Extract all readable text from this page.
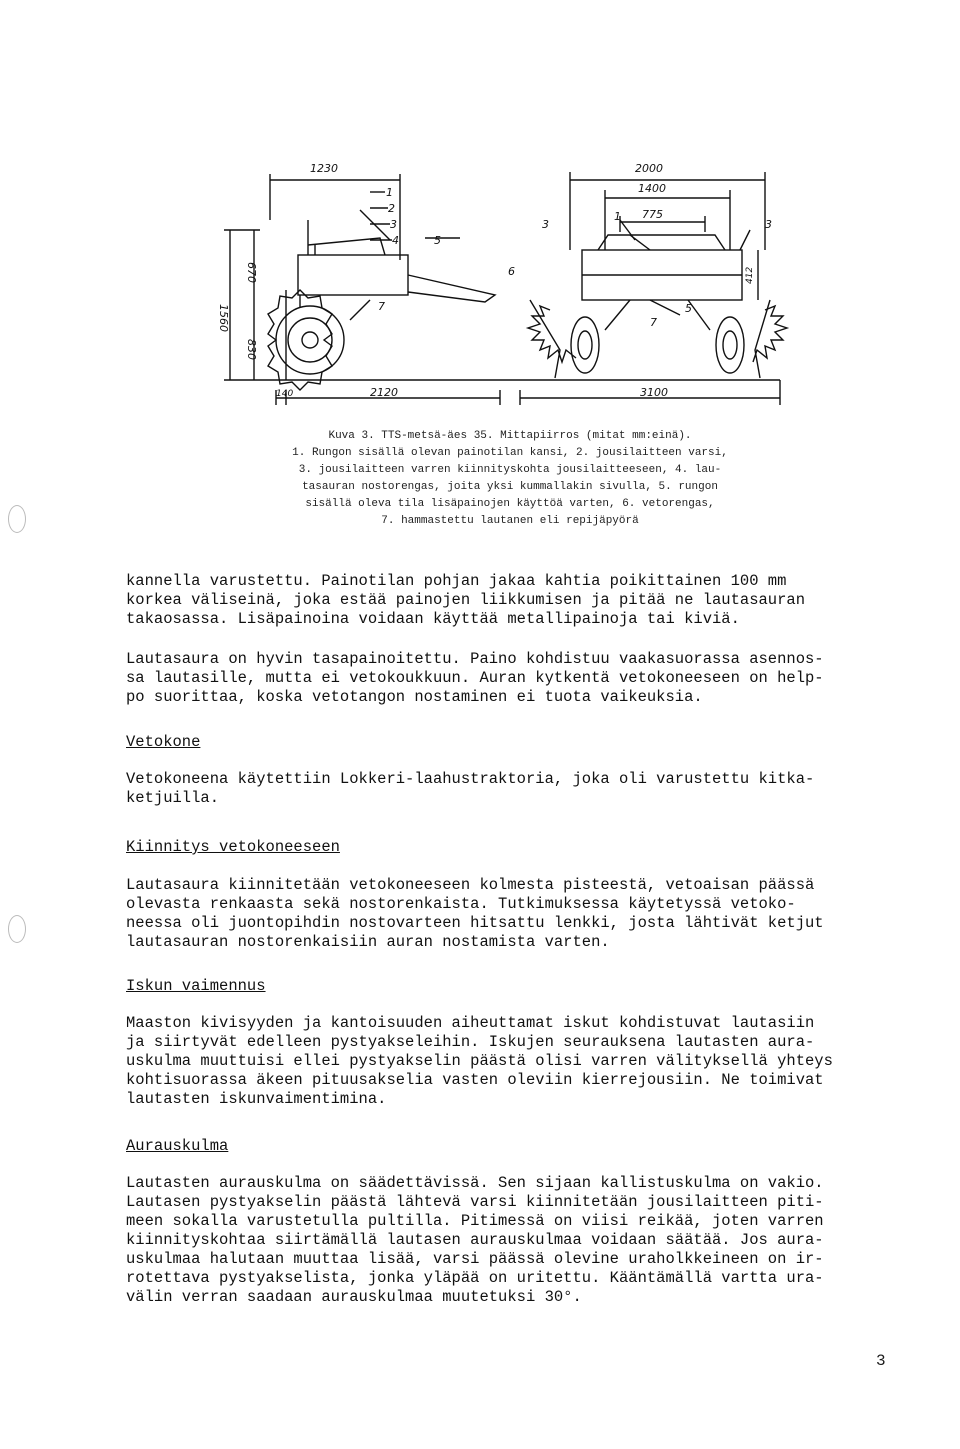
1230	2000
1400
775
140	2120	3100
1560
670
830
412
1
2
3
4	5
6
7
3
1
3
5
7
Kuva 3. TTS-metsä-äes 35. Mittapiirros (mitat mm:einä).
1. Rungon sisällä olevan painotilan kansi, 2. jousilaitteen varsi,
3. jousilaitteen varren kiinnityskohta jousilaitteeseen, 4. lau-
tasauran nostorengas, joita yksi kummallakin sivulla, 5. rungon
sisällä oleva tila lisäpainojen käyttöä varten, 6. vetorengas,
7. hammastettu lautanen eli repijäpyörä
kannella varustettu. Painotilan pohjan jakaa kahtia poikittainen 100 mm
korkea väliseinä, joka estää painojen liikkumisen ja pitää ne lautasauran
takaosassa. Lisäpainoina voidaan käyttää metallipainoja tai kiviä.
Lautasaura on hyvin tasapainoitettu. Paino kohdistuu vaakasuorassa asennos-
sa lautasille, mutta ei vetokoukkuun. Auran kytkentä vetokoneeseen on help-
po suorittaa, koska vetotangon nostaminen ei tuota vaikeuksia.
Vetokone
Vetokoneena käytettiin Lokkeri-laahustraktoria, joka oli varustettu kitka-
ketjuilla.
Kiinnitys vetokoneeseen
Lautasaura kiinnitetään vetokoneeseen kolmesta pisteestä, vetoaisan päässä
olevasta renkaasta sekä nostorenkaista. Tutkimuksessa käytetyssä vetoko-
neessa oli juontopihdin nostovarteen hitsattu lenkki, josta lähtivät ketjut
lautasauran nostorenkaisiin auran nostamista varten.
Iskun vaimennus
Maaston kivisyyden ja kantoisuuden aiheuttamat iskut kohdistuvat lautasiin
ja siirtyvät edelleen pystyakseleihin. Iskujen seurauksena lautasten aura-
uskulma muuttuisi ellei pystyakselin päästä olisi varren välityksellä yhteys
kohtisuorassa äkeen pituusakselia vasten oleviin kierrejousiin. Ne toimivat
lautasten iskunvaimentimina.
Aurauskulma
Lautasten aurauskulma on säädettävissä. Sen sijaan kallistuskulma on vakio.
Lautasen pystyakselin päästä lähtevä varsi kiinnitetään jousilaitteen piti-
meen sokalla varustetulla pultilla. Pitimessä on viisi reikää, joten varren
kiinnityskohtaa siirtämällä lautasen aurauskulmaa voidaan säätää. Jos aura-
uskulmaa halutaan muuttaa lisää, varsi päässä olevine uraholkkeineen on ir-
rotettava pystyakselista, jonka yläpää on uritettu. Kääntämällä vartta ura-
välin verran saadaan aurauskulmaa muutetuksi 30°.
3
